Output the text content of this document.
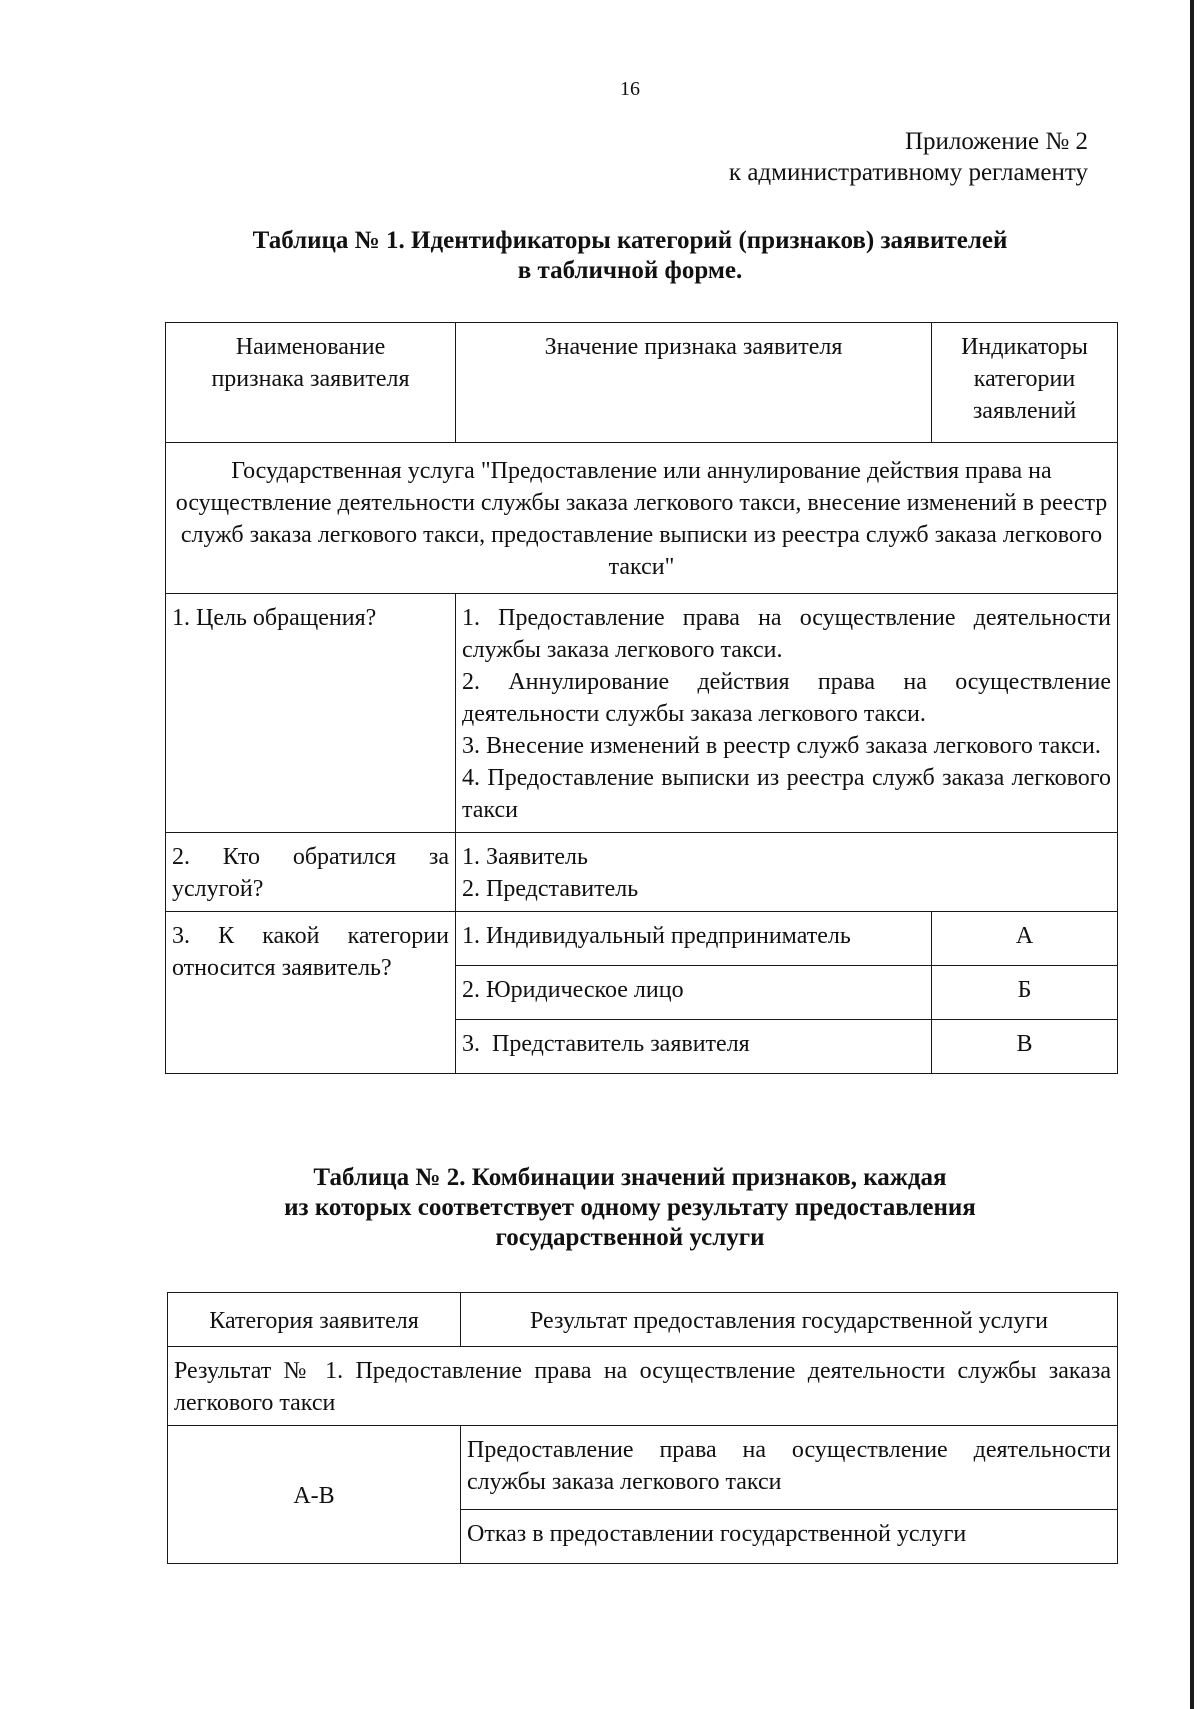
16
Приложение № 2
к административному регламенту
Таблица № 1. Идентификаторы категорий (признаков) заявителей
в табличной форме.
Наименование признака заявителя	Значение признака заявителя	Индикаторы категории заявлений
Государственная услуга "Предоставление или аннулирование действия права на осуществление деятельности службы заказа легкового такси, внесение изменений в реестр служб заказа легкового такси, предоставление выписки из реестра служб заказа легкового такси"		
1. Цель обращения?	1. Предоставление права на осуществление деятельности службы заказа легкового такси.
2. Аннулирование действия права на осуществление деятельности службы заказа легкового такси.
3. Внесение изменений в реестр служб заказа легкового такси.
4. Предоставление выписки из реестра служб заказа легкового такси	

2. Кто обратился за услугой?	1. Заявитель
2. Представитель	

3. К какой категории относится заявитель?	1. Индивидуальный предприниматель	А
	2. Юридическое лицо	Б
	3.  Представитель заявителя	В
Таблица № 2. Комбинации значений признаков, каждая
из которых соответствует одному результату предоставления
государственной услуги
Категория заявителя	Результат предоставления государственной услуги
Результат № 1. Предоставление права на осуществление деятельности службы заказа легкового такси	
А-В	Предоставление права на осуществление деятельности службы заказа легкового такси
	Отказ в предоставлении государственной услуги
